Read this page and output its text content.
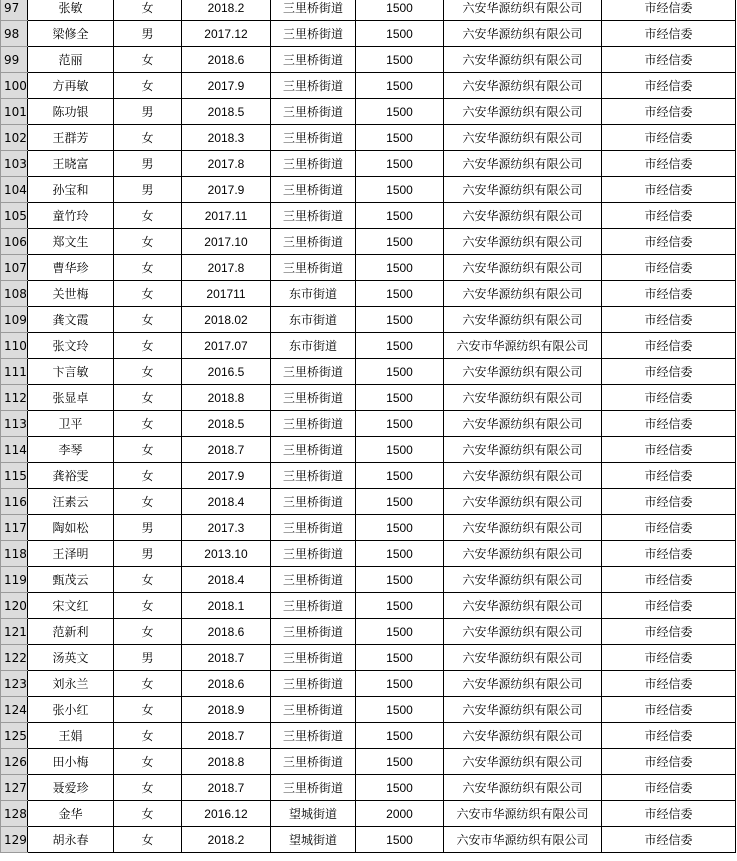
97	张敏	女	2018.2	三里桥街道	1500	六安华源纺织有限公司	市经信委
98	梁修全	男	2017.12	三里桥街道	1500	六安华源纺织有限公司	市经信委
99	范丽	女	2018.6	三里桥街道	1500	六安华源纺织有限公司	市经信委
100	方再敏	女	2017.9	三里桥街道	1500	六安华源纺织有限公司	市经信委
101	陈功银	男	2018.5	三里桥街道	1500	六安华源纺织有限公司	市经信委
102	王群芳	女	2018.3	三里桥街道	1500	六安华源纺织有限公司	市经信委
103	王晓富	男	2017.8	三里桥街道	1500	六安华源纺织有限公司	市经信委
104	孙宝和	男	2017.9	三里桥街道	1500	六安华源纺织有限公司	市经信委
105	童竹玲	女	2017.11	三里桥街道	1500	六安华源纺织有限公司	市经信委
106	郑文生	女	2017.10	三里桥街道	1500	六安华源纺织有限公司	市经信委
107	曹华珍	女	2017.8	三里桥街道	1500	六安华源纺织有限公司	市经信委
108	关世梅	女	201711	东市街道	1500	六安华源纺织有限公司	市经信委
109	龚文霞	女	2018.02	东市街道	1500	六安华源纺织有限公司	市经信委
110	张文玲	女	2017.07	东市街道	1500	六安市华源纺织有限公司	市经信委
111	卞言敏	女	2016.5	三里桥街道	1500	六安华源纺织有限公司	市经信委
112	张显卓	女	2018.8	三里桥街道	1500	六安华源纺织有限公司	市经信委
113	卫平	女	2018.5	三里桥街道	1500	六安华源纺织有限公司	市经信委
114	李琴	女	2018.7	三里桥街道	1500	六安华源纺织有限公司	市经信委
115	龚裕雯	女	2017.9	三里桥街道	1500	六安华源纺织有限公司	市经信委
116	汪素云	女	2018.4	三里桥街道	1500	六安华源纺织有限公司	市经信委
117	陶如松	男	2017.3	三里桥街道	1500	六安华源纺织有限公司	市经信委
118	王泽明	男	2013.10	三里桥街道	1500	六安华源纺织有限公司	市经信委
119	甄茂云	女	2018.4	三里桥街道	1500	六安华源纺织有限公司	市经信委
120	宋文红	女	2018.1	三里桥街道	1500	六安华源纺织有限公司	市经信委
121	范新利	女	2018.6	三里桥街道	1500	六安华源纺织有限公司	市经信委
122	汤英文	男	2018.7	三里桥街道	1500	六安华源纺织有限公司	市经信委
123	刘永兰	女	2018.6	三里桥街道	1500	六安华源纺织有限公司	市经信委
124	张小红	女	2018.9	三里桥街道	1500	六安华源纺织有限公司	市经信委
125	王娟	女	2018.7	三里桥街道	1500	六安华源纺织有限公司	市经信委
126	田小梅	女	2018.8	三里桥街道	1500	六安华源纺织有限公司	市经信委
127	聂爱珍	女	2018.7	三里桥街道	1500	六安华源纺织有限公司	市经信委
128	金华	女	2016.12	望城街道	2000	六安市华源纺织有限公司	市经信委
129	胡永春	女	2018.2	望城街道	1500	六安市华源纺织有限公司	市经信委
